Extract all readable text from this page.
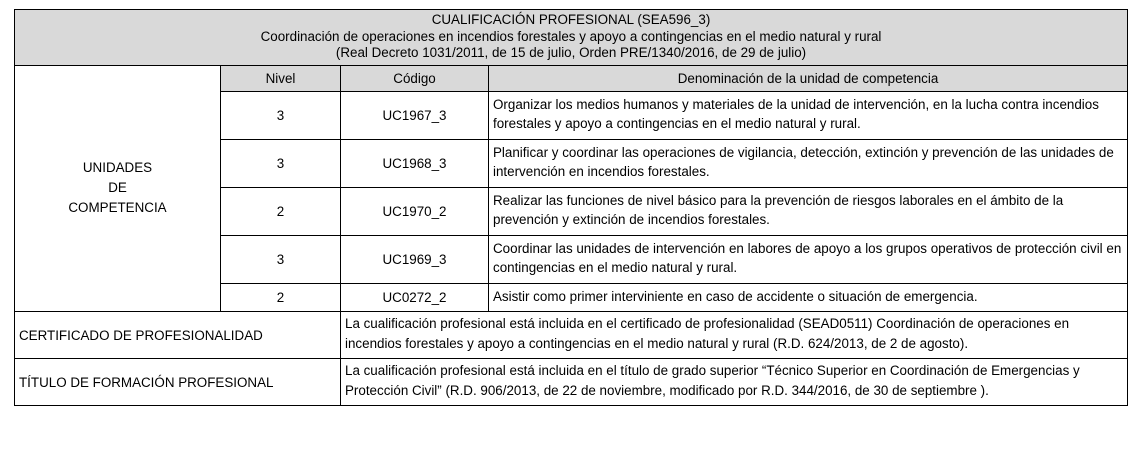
CUALIFICACIÓN PROFESIONAL (SEA596_3)
Coordinación de operaciones en incendios forestales y apoyo a contingencias en el medio natural y rural
(Real Decreto 1031/2011, de 15 de julio, Orden PRE/1340/2016, de 29 de julio)			

UNIDADES
DE
COMPETENCIA	Nivel	Código	Denominación de la unidad de competencia
	3	UC1967_3	Organizar los medios humanos y materiales de la unidad de intervención, en la lucha contra incendios forestales y apoyo a contingencias en el medio natural y rural.
	3	UC1968_3	Planificar y coordinar las operaciones de vigilancia, detección, extinción y prevención de las unidades de intervención en incendios forestales.
	2	UC1970_2	Realizar las funciones de nivel básico para la prevención de riesgos laborales en el ámbito de la prevención y extinción de incendios forestales.
	3	UC1969_3	Coordinar las unidades de intervención en labores de apoyo a los grupos operativos de protección civil en contingencias en el medio natural y rural.
	2	UC0272_2	Asistir como primer interviniente en caso de accidente o situación de emergencia.
CERTIFICADO DE PROFESIONALIDAD		La cualificación profesional está incluida en el certificado de profesionalidad (SEAD0511) Coordinación de operaciones en incendios forestales y apoyo a contingencias en el medio natural y rural (R.D. 624/2013, de 2 de agosto).	
TÍTULO DE FORMACIÓN PROFESIONAL		La cualificación profesional está incluida en el título de grado superior “Técnico Superior en Coordinación de Emergencias y Protección Civil” (R.D. 906/2013, de 22 de noviembre, modificado por R.D. 344/2016, de 30 de septiembre ).	
